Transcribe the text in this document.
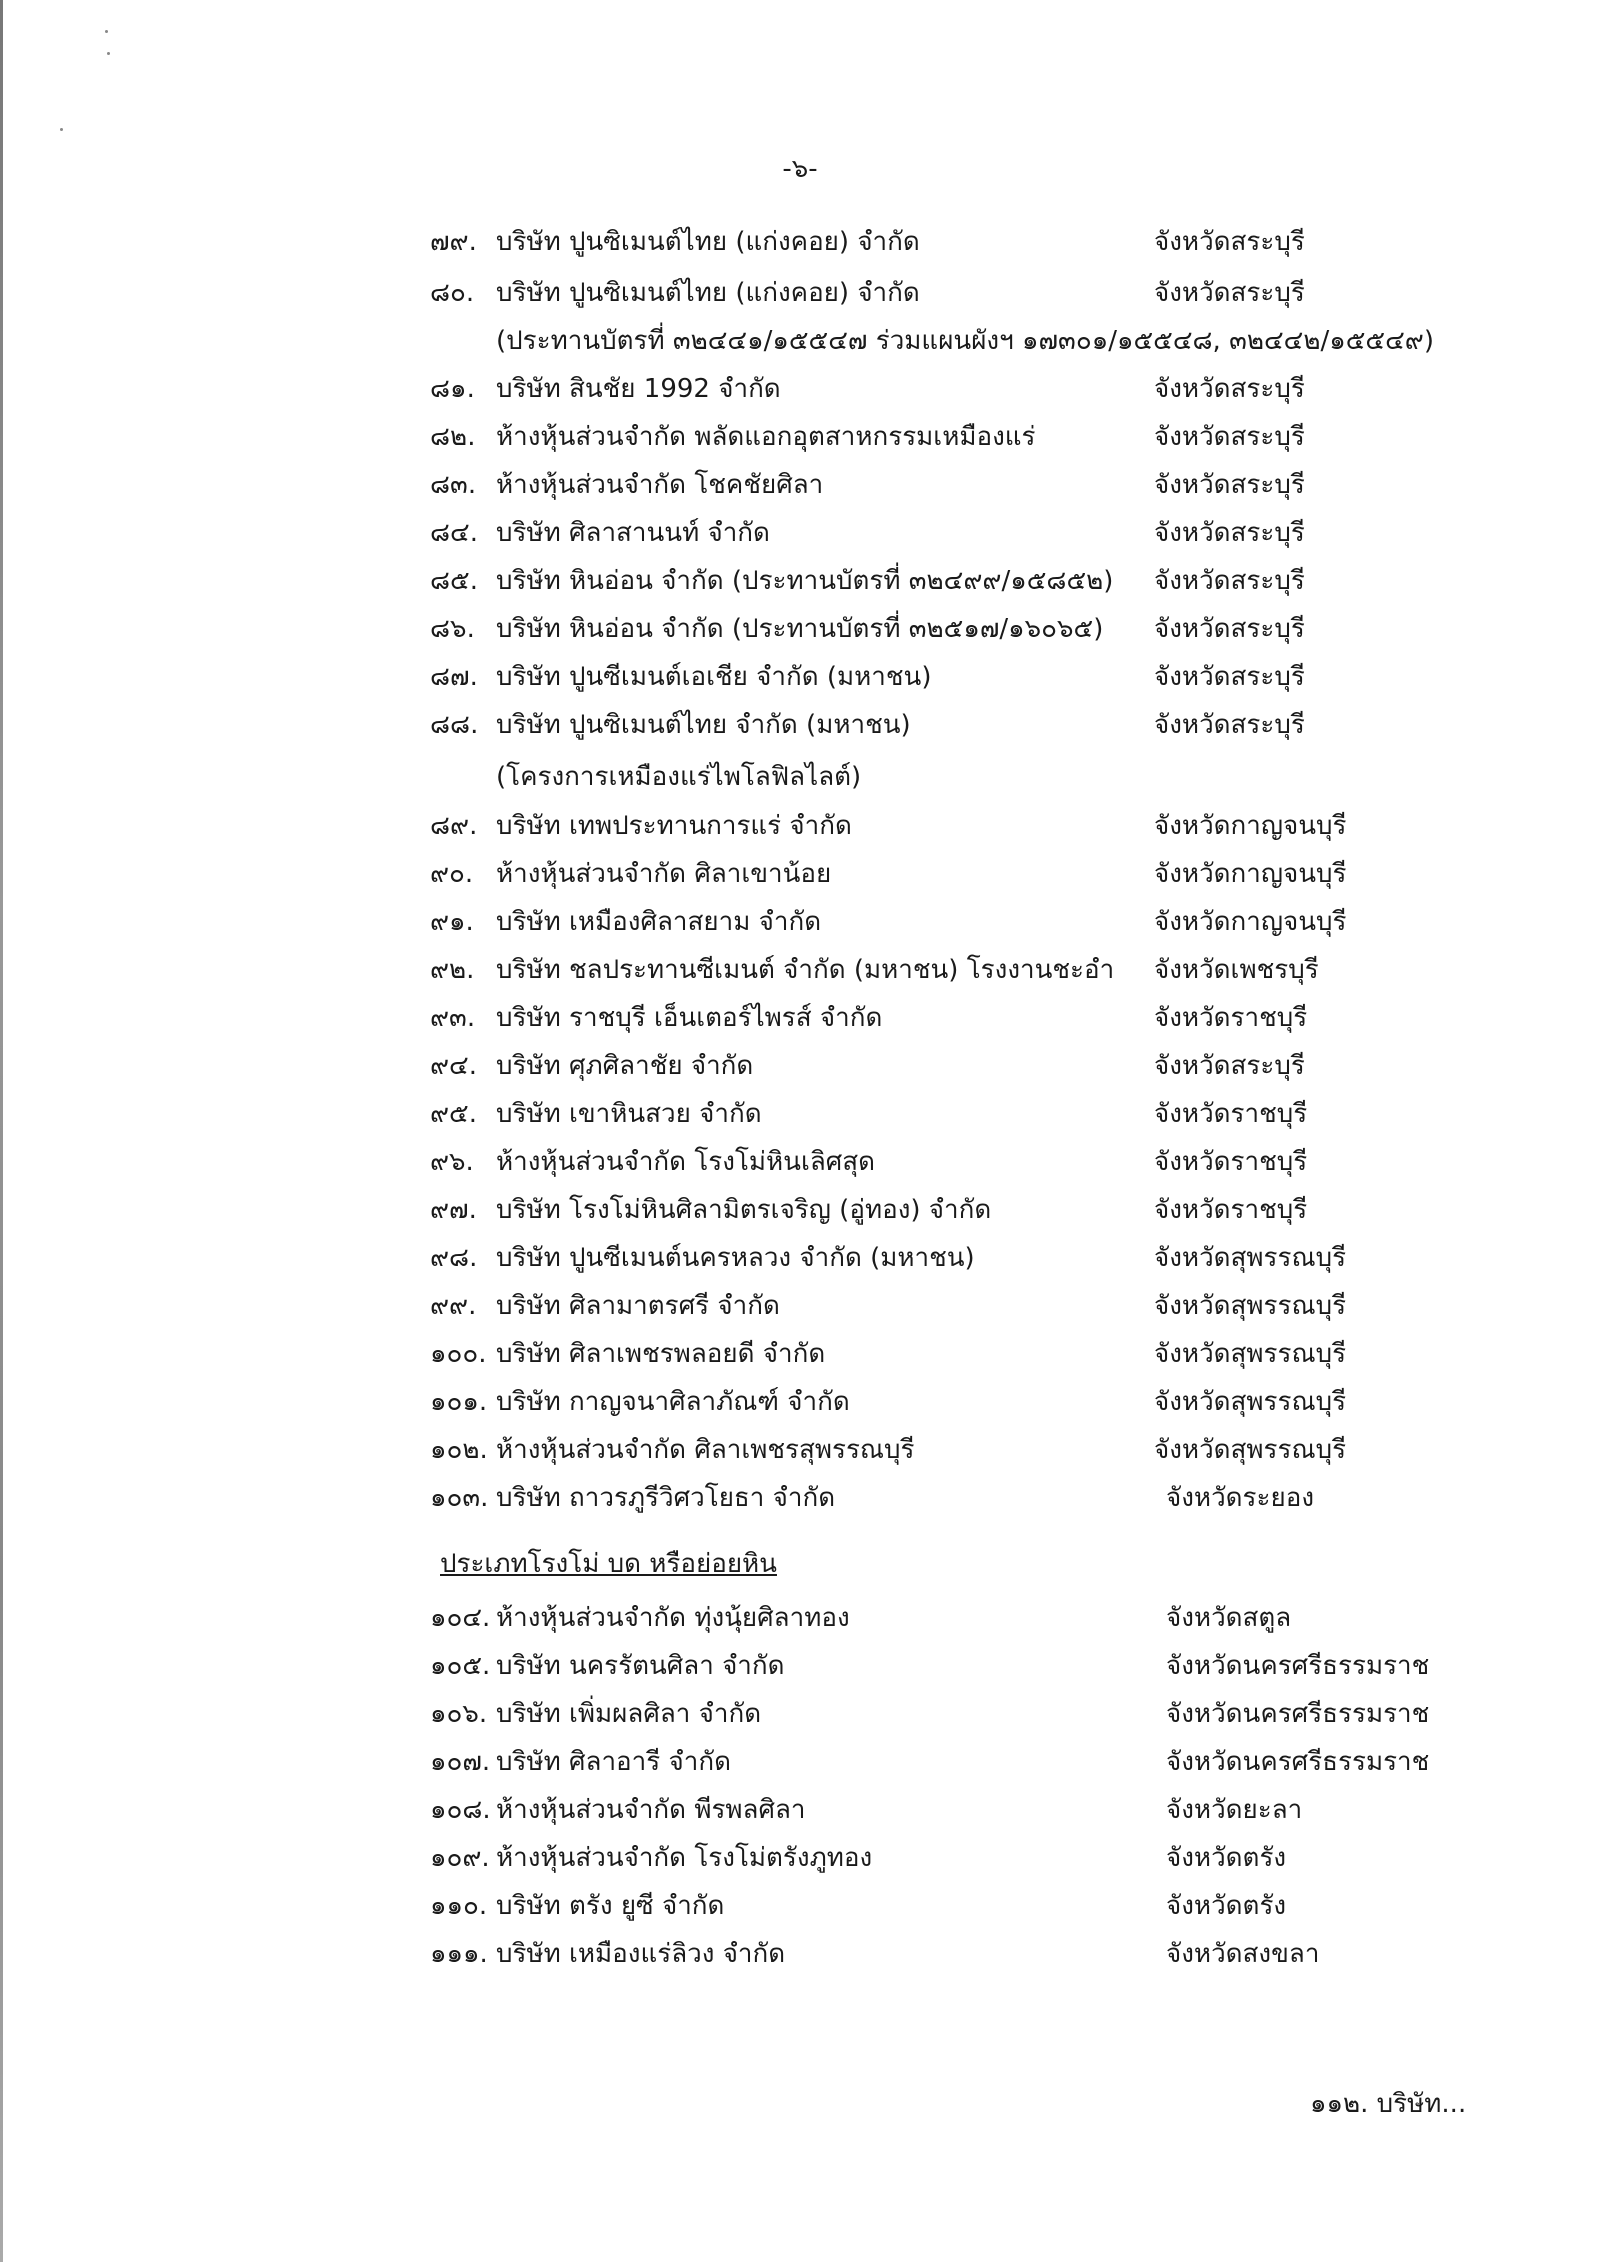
-๖-
๗๙. บริษัท ปูนซิเมนต์ไทย (แก่งคอย) จำกัด	จังหวัดสระบุรี
๘๐. บริษัท ปูนซิเมนต์ไทย (แก่งคอย) จำกัด	จังหวัดสระบุรี
(ประทานบัตรที่ ๓๒๔๔๑/๑๕๕๔๗ ร่วมแผนผังฯ ๑๗๓๐๑/๑๕๕๔๘, ๓๒๔๔๒/๑๕๕๔๙)
๘๑. บริษัท สินชัย 1992 จำกัด	จังหวัดสระบุรี
๘๒. ห้างหุ้นส่วนจำกัด พลัดแอกอุตสาหกรรมเหมืองแร่	จังหวัดสระบุรี
๘๓. ห้างหุ้นส่วนจำกัด โชคชัยศิลา	จังหวัดสระบุรี
๘๔. บริษัท ศิลาสานนท์ จำกัด	จังหวัดสระบุรี
๘๕. บริษัท หินอ่อน จำกัด (ประทานบัตรที่ ๓๒๔๙๙/๑๕๘๕๒) จังหวัดสระบุรี
๘๖. บริษัท หินอ่อน จำกัด (ประทานบัตรที่ ๓๒๕๑๗/๑๖๐๖๕) จังหวัดสระบุรี
๘๗. บริษัท ปูนซีเมนต์เอเชีย จำกัด (มหาชน)	จังหวัดสระบุรี
๘๘. บริษัท ปูนซิเมนต์ไทย จำกัด (มหาชน)	จังหวัดสระบุรี
(โครงการเหมืองแร่ไพโลฟิลไลต์)
๘๙. บริษัท เทพประทานการแร่ จำกัด	จังหวัดกาญจนบุรี
๙๐. ห้างหุ้นส่วนจำกัด ศิลาเขาน้อย	จังหวัดกาญจนบุรี
๙๑. บริษัท เหมืองศิลาสยาม จำกัด	จังหวัดกาญจนบุรี
๙๒. บริษัท ชลประทานซีเมนต์ จำกัด (มหาชน) โรงงานชะอำ จังหวัดเพชรบุรี
๙๓. บริษัท ราชบุรี เอ็นเตอร์ไพรส์ จำกัด	จังหวัดราชบุรี
๙๔. บริษัท ศุภศิลาชัย จำกัด	จังหวัดสระบุรี
๙๕. บริษัท เขาหินสวย จำกัด	จังหวัดราชบุรี
๙๖. ห้างหุ้นส่วนจำกัด โรงโม่หินเลิศสุด	จังหวัดราชบุรี
๙๗. บริษัท โรงโม่หินศิลามิตรเจริญ (อู่ทอง) จำกัด	จังหวัดราชบุรี
๙๘. บริษัท ปูนซีเมนต์นครหลวง จำกัด (มหาชน)	จังหวัดสุพรรณบุรี
๙๙. บริษัท ศิลามาตรศรี จำกัด	จังหวัดสุพรรณบุรี
๑๐๐. บริษัท ศิลาเพชรพลอยดี จำกัด	จังหวัดสุพรรณบุรี
๑๐๑. บริษัท กาญจนาศิลาภัณฑ์ จำกัด	จังหวัดสุพรรณบุรี
๑๐๒. ห้างหุ้นส่วนจำกัด ศิลาเพชรสุพรรณบุรี	จังหวัดสุพรรณบุรี
๑๐๓. บริษัท ถาวรภูรีวิศวโยธา จำกัด	จังหวัดระยอง
ประเภทโรงโม่ บด หรือย่อยหิน
๑๐๔. ห้างหุ้นส่วนจำกัด ทุ่งนุ้ยศิลาทอง	จังหวัดสตูล
๑๐๕. บริษัท นครรัตนศิลา จำกัด	จังหวัดนครศรีธรรมราช
๑๐๖. บริษัท เพิ่มผลศิลา จำกัด	จังหวัดนครศรีธรรมราช
๑๐๗. บริษัท ศิลาอารี จำกัด	จังหวัดนครศรีธรรมราช
๑๐๘. ห้างหุ้นส่วนจำกัด พีรพลศิลา	จังหวัดยะลา
๑๐๙. ห้างหุ้นส่วนจำกัด โรงโม่ตรังภูทอง	จังหวัดตรัง
๑๑๐. บริษัท ตรัง ยูซี จำกัด	จังหวัดตรัง
๑๑๑. บริษัท เหมืองแร่ลิวง จำกัด	จังหวัดสงขลา
๑๑๒. บริษัท...
